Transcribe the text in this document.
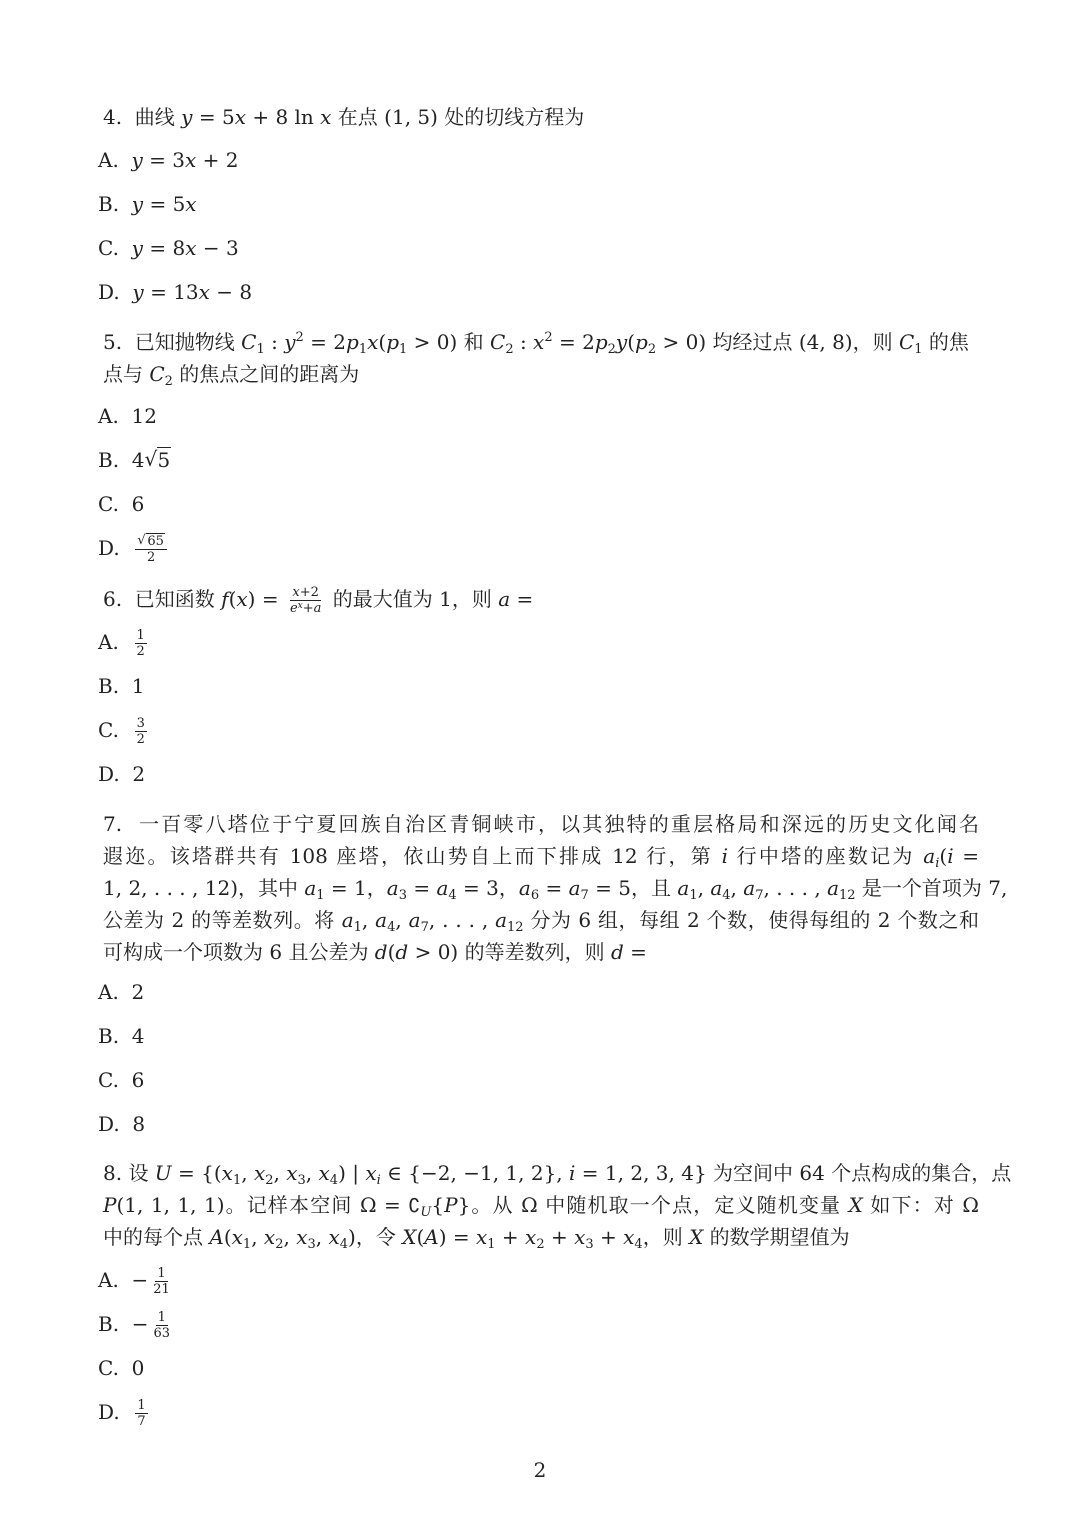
4.  曲线 y = 5x + 8 ln x 在点 (1, 5) 处的切线方程为
A.  y = 3x + 2
B.  y = 5x
C.  y = 8x − 3
D.  y = 13x − 8
5.  已知抛物线 $C_1$ : $y^2 = 2p_1x(p_1 > 0)$ 和 $C_2$ : $x^2 = 2p_2y(p_2 > 0)$ 均经过点 (4, 8)，则 $C_1$ 的焦
点与 $C_2$ 的焦点之间的距离为
A.  12
B.  4 √ 5
C.  6
D. √ $\frac{65}{2}$
6.  已知函数 $f(x) = \frac{x+2}{e^x+a}$ 的最大值为 1，则 a =
A. $\frac{1}{2}$
B.  1
C. $\frac{3}{2}$
D.  2
7.  一百零八塔位于宁夏回族自治区青铜峡市，以其独特的重层格局和深远的历史文化闻名
遐迩。该塔群共有 108 座塔，依山势自上而下排成 12 行，第 i 行中塔的座数记为 $a_i(i$ =
1, 2, . . . , 12)，其中 $a_1 = 1$，$a_3 = a_4 = 3$，$a_6 = a_7 = 5$，且 $a_1$, $a_4$, $a_7$, . . . , $a_{12}$ 是一个首项为 7,
公差为 2 的等差数列。将 $a_1$, $a_4$, $a_7$, . . . , $a_{12}$ 分为 6 组，每组 2 个数，使得每组的 2 个数之和
可构成一个项数为 6 且公差为 d(d > 0) 的等差数列，则 d =
A.  2
B.  4
C.  6
D.  8
8. 设 $U = \{(x_1$, $x_2$, $x_3$, $x_4$) | $x_i$ ∈ {−2, −1, 1, 2}, i = 1, 2, 3, 4} 为空间中 64 个点构成的集合，点
P(1, 1, 1, 1)。记样本空间 $\Omega = ∁_U\{P\}$。从 Ω 中随机取一个点，定义随机变量 X 如下：对 Ω
中的每个点 $A(x_1$, $x_2$, $x_3$, $x_4$)，令 $X(A) = x_1 + x_2 + x_3 + x_4$，则 X 的数学期望值为
A.  − $\frac{1}{21}$
B.  − $\frac{1}{63}$
C.  0
D. $\frac{1}{7}$
2
